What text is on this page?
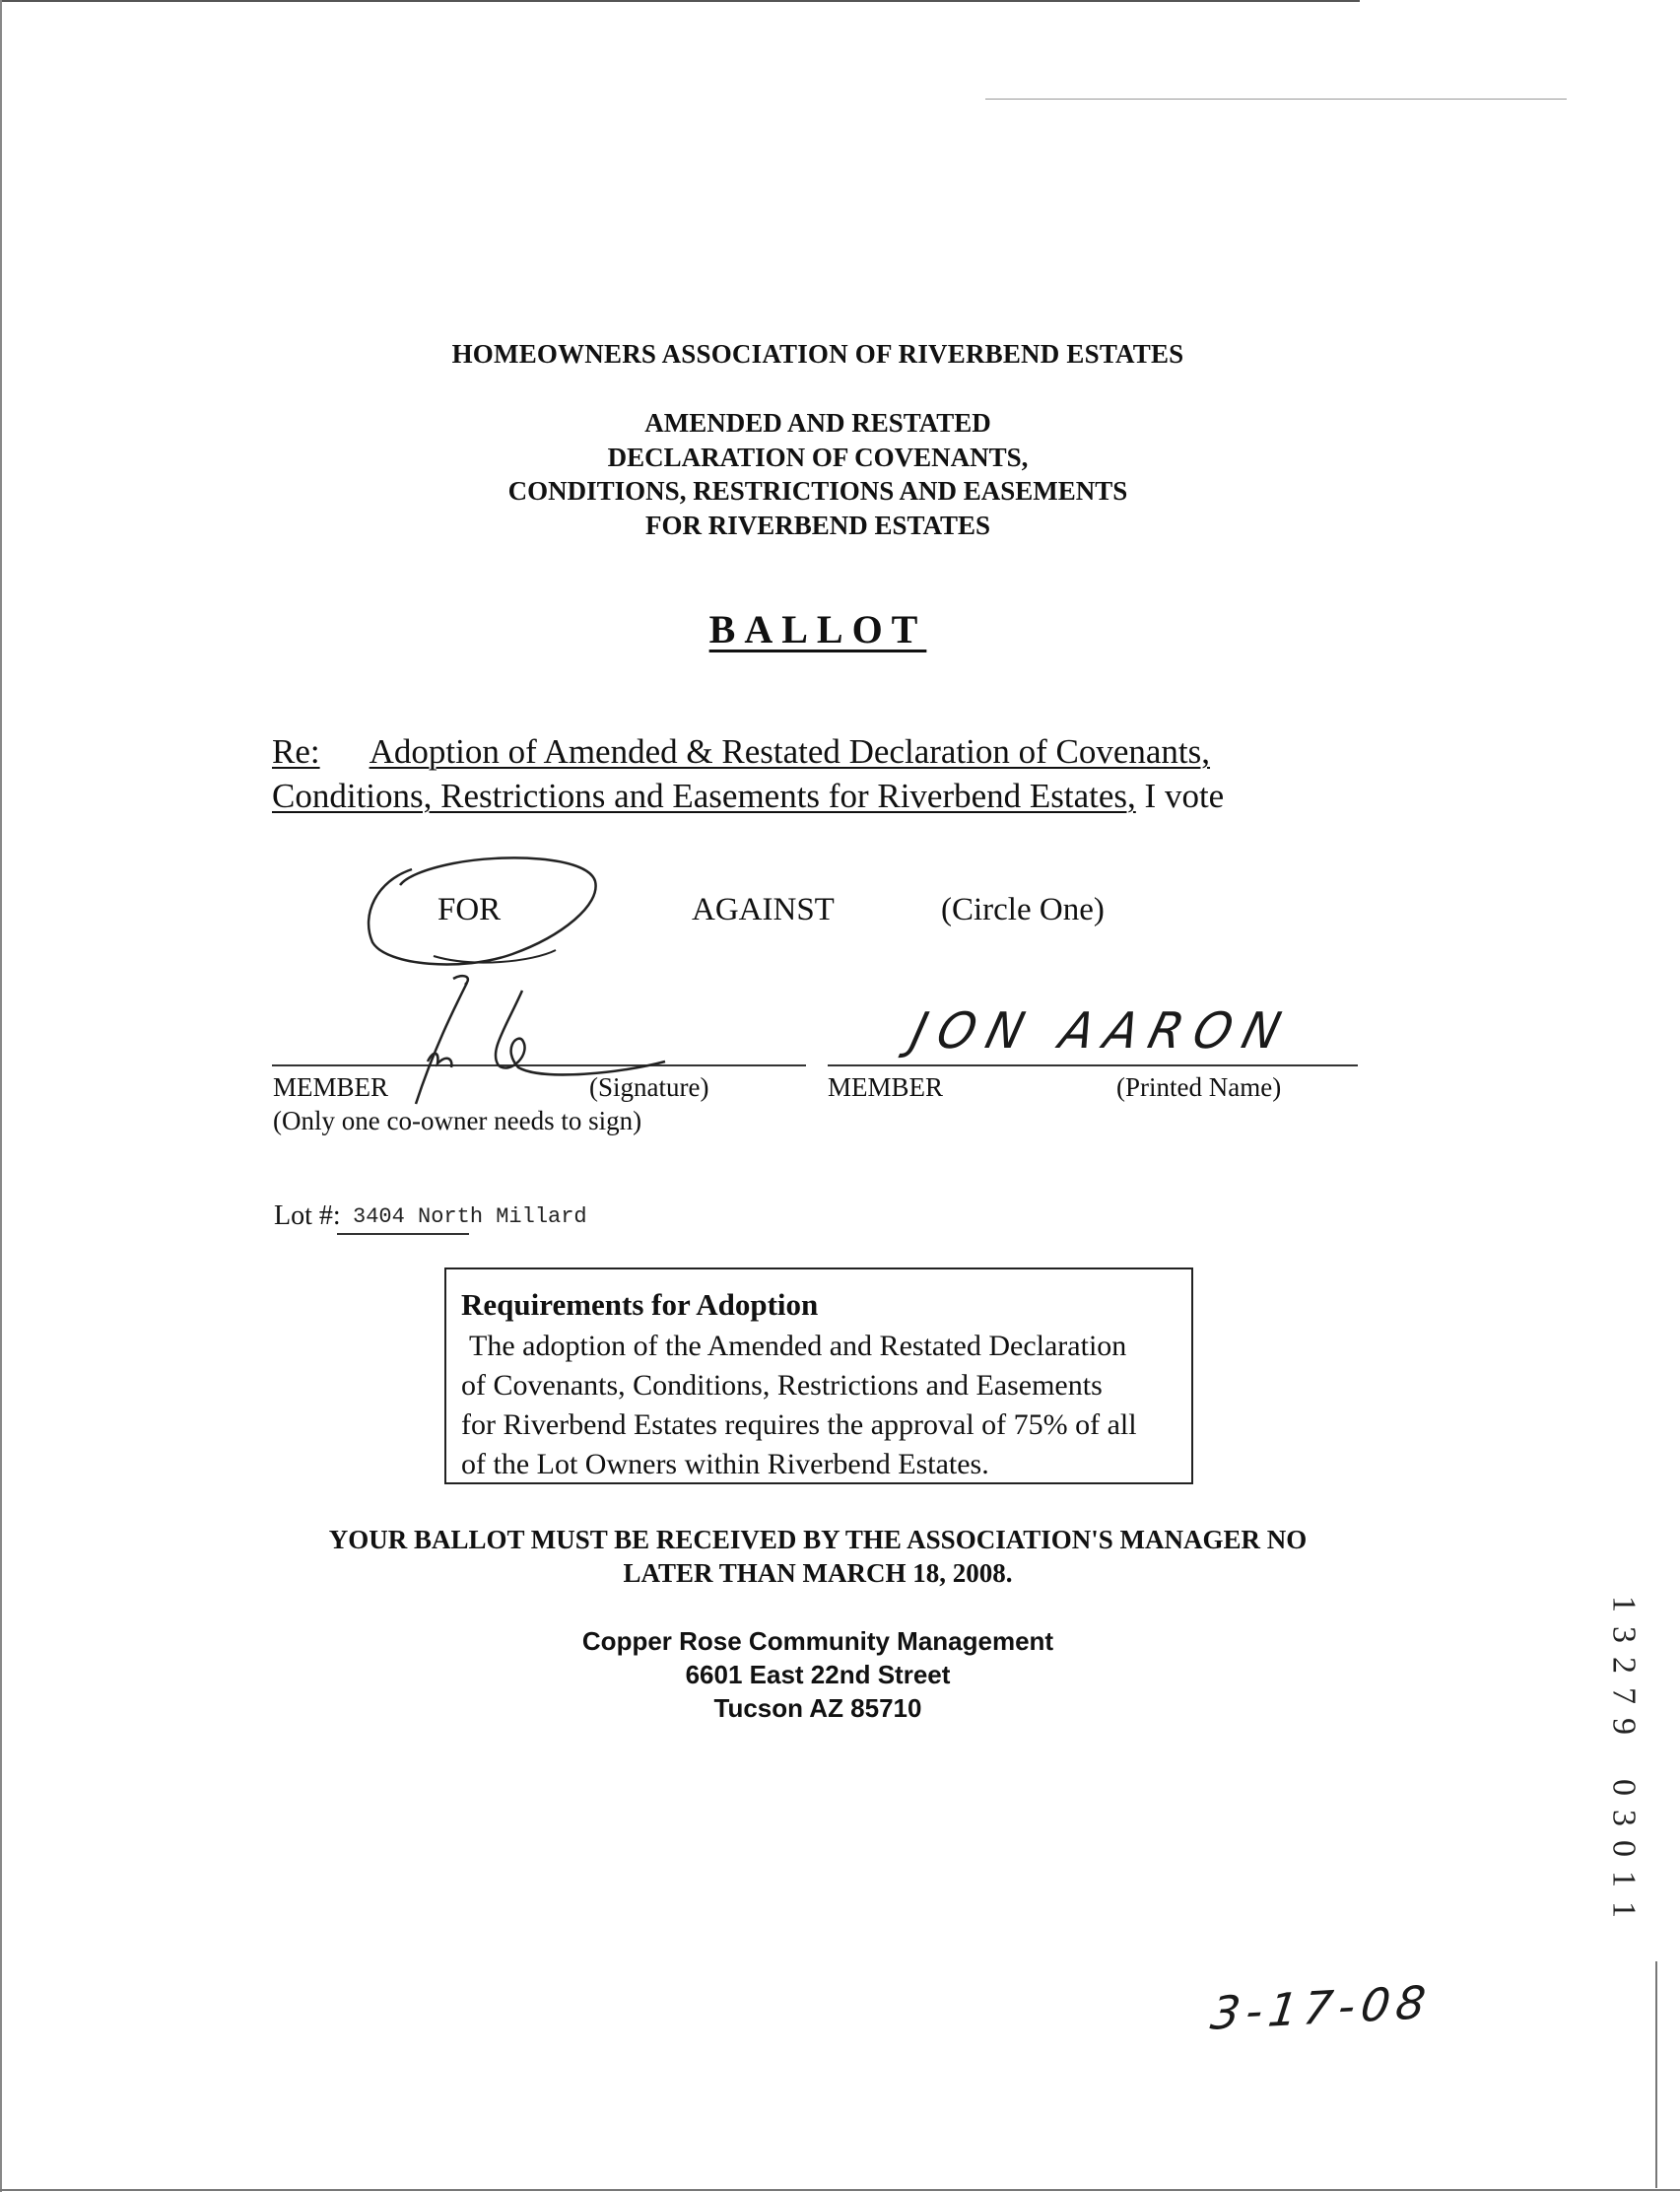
HOMEOWNERS ASSOCIATION OF RIVERBEND ESTATES
AMENDED AND RESTATED
DECLARATION OF COVENANTS,
CONDITIONS, RESTRICTIONS AND EASEMENTS
FOR RIVERBEND ESTATES
BALLOT
Re: Adoption of Amended & Restated Declaration of Covenants,
Conditions, Restrictions and Easements for Riverbend Estates, I vote
FOR	AGAINST	(Circle One)
JON AARON
MEMBER	(Signature)
(Only one co-owner needs to sign)
MEMBER	(Printed Name)
Lot #: 3404 North Millard
Requirements for Adoption
The adoption of the Amended and Restated Declaration
of Covenants, Conditions, Restrictions and Easements
for Riverbend Estates requires the approval of 75% of all
of the Lot Owners within Riverbend Estates.
YOUR BALLOT MUST BE RECEIVED BY THE ASSOCIATION'S MANAGER NO
LATER THAN MARCH 18, 2008.
Copper Rose Community Management
6601 East 22nd Street
Tucson AZ 85710
1
3
2
7
9

0
3
0
1
1
3-17-08
